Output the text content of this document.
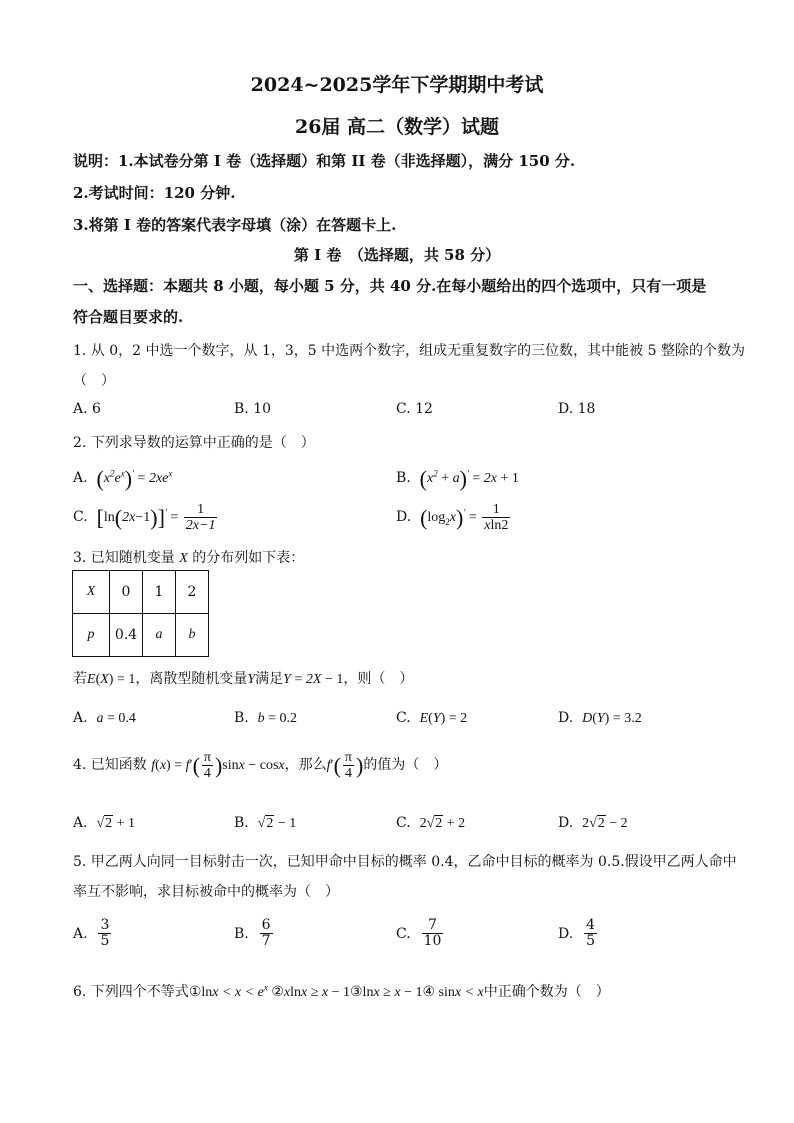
2024~2025学年下学期期中考试
26届 高二（数学）试题
说明：1.本试卷分第 I 卷（选择题）和第 II 卷（非选择题），满分 150 分.
2.考试时间：120 分钟.
3.将第 I 卷的答案代表字母填（涂）在答题卡上.
第 I 卷　（选择题，共 58 分）
一、选择题：本题共 8 小题，每小题 5 分，共 40 分.在每小题给出的四个选项中，只有一项是
符合题目要求的.
1. 从 0，2 中选一个数字，从 1，3，5 中选两个数字，组成无重复数字的三位数，其中能被 5 整除的个数为
（　）
A. 6	B. 10	C. 12	D. 18
2. 下列求导数的运算中正确的是（　）
A.  $(x^2e^x)' = 2xe^x$	B.  $(x^2 + a)' = 2x + 1$
C.  $[\ln(2x-1)]' = \frac{1}{2x-1}$	D.  $(\log_2x)' = \frac{1}{xln2}$
3. 已知随机变量 X 的分布列如下表：
X	0	1	2
p	0.4	a	b
若E(X) = 1，离散型随机变量Y满足Y = 2X − 1，则（　）
A.  a = 0.4	B.  b = 0.2	C.  E(Y) = 2	D.  D(Y) = 3.2
4. 已知函数 $f(x) = f'( \frac{\pi}{4} )\sin x - \cos x$，那么$f'( \frac{\pi}{4}$ )的值为（　）
A.  √2 + 1	B.  √2 − 1	C.  2√2 + 2	D.  2√2 − 2
5. 甲乙两人向同一目标射击一次，已知甲命中目标的概率 0.4，乙命中目标的概率为 0.5.假设甲乙两人命中
率互不影响，求目标被命中的概率为（　）
A. $\frac{3}{5}$	B. $\frac{6}{7}$	C. $\frac{7}{10}$	D. $\frac{4}{5}$
6. 下列四个不等式①lnx < $x < e^x$ ②xlnx ≥ x − 1③lnx ≥ x − 1④ sinx < x中正确个数为（　）
